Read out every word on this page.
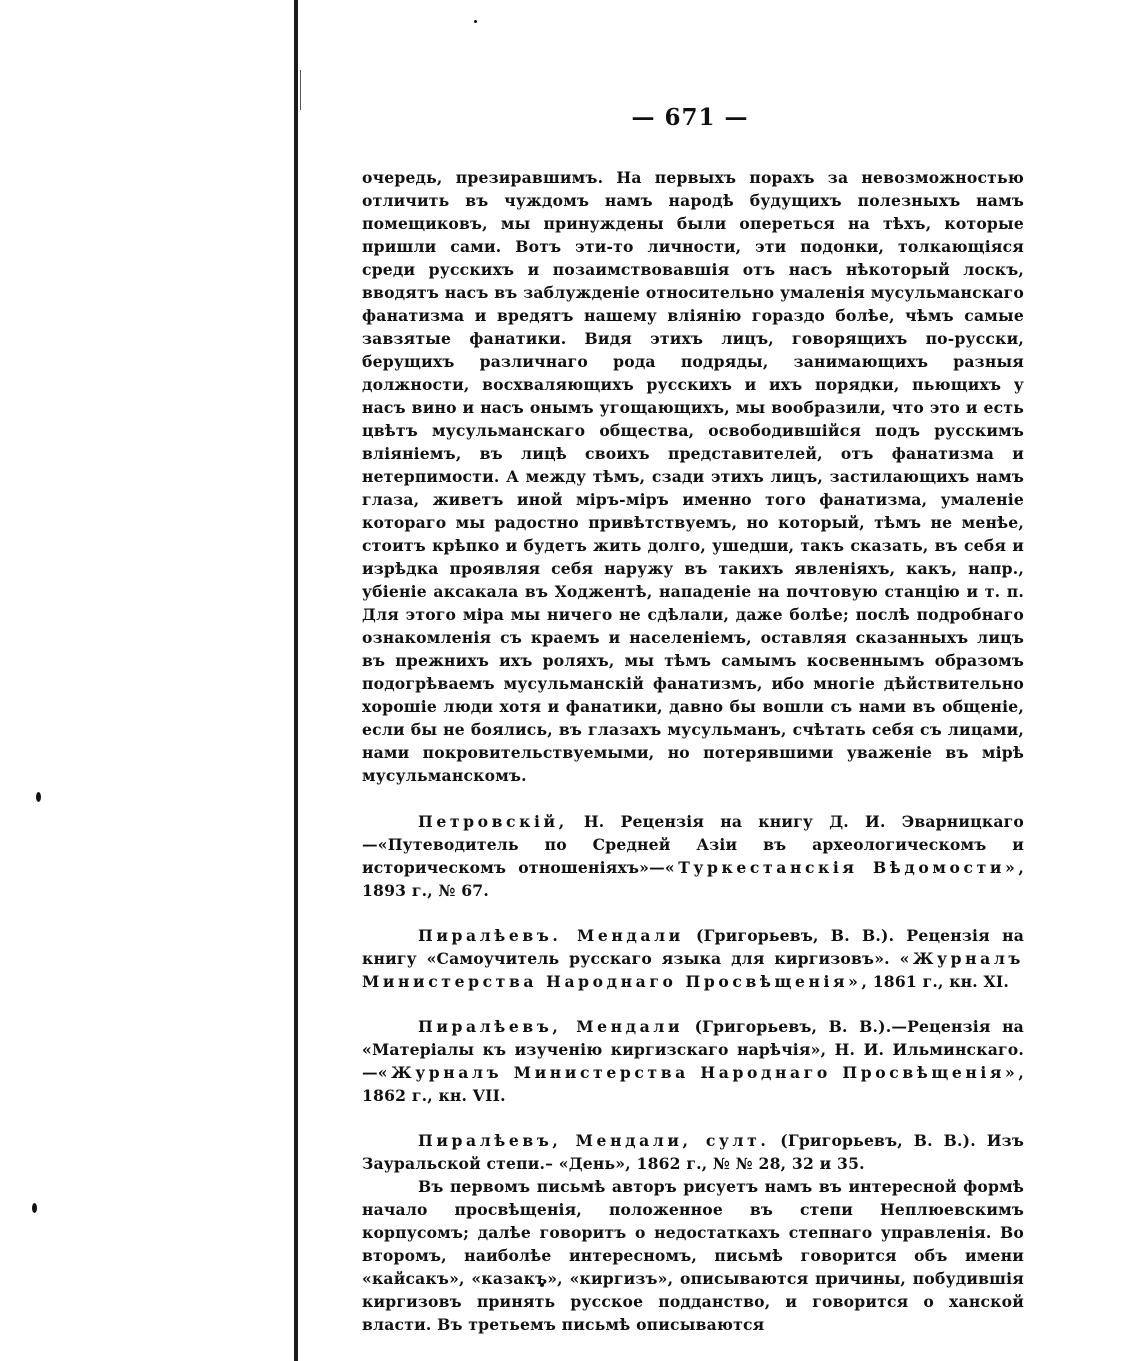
— 671 —

очередь, презиравшимъ. На первыхъ порахъ за невозможностью отличить въ чуждомъ намъ народѣ будущихъ полезныхъ намъ помещиковъ, мы принуждены были опереться на тѣхъ, которые пришли сами. Вотъ эти-то личности, эти подонки, толкающіяся среди русскихъ и позаимствовавшія отъ насъ нѣкоторый лоскъ, вводятъ насъ въ заблужденіе относительно умаленія мусульманскаго фанатизма и вредятъ нашему вліянію гораздо болѣе, чѣмъ самые завзятые фанатики. Видя этихъ лицъ, говорящихъ по-русски, берущихъ различнаго рода подряды, занимающихъ разныя должности, восхваляющихъ русскихъ и ихъ порядки, пьющихъ у насъ вино и насъ онымъ угощающихъ, мы вообразили, что это и есть цвѣтъ мусульманскаго общества, освободившійся подъ русскимъ вліяніемъ, въ лицѣ своихъ представителей, отъ фанатизма и нетерпимости. А между тѣмъ, сзади этихъ лицъ, застилающихъ намъ глаза, живетъ иной міръ-міръ именно того фанатизма, умаленіе котораго мы радостно привѣтствуемъ, но который, тѣмъ не менѣе, стоитъ крѣпко и будетъ жить долго, ушедши, такъ сказать, въ себя и изрѣдка проявляя себя наружу въ такихъ явленіяхъ, какъ, напр., убіеніе аксакала въ Ходжентѣ, нападеніе на почтовую станцію и т. п. Для этого міра мы ничего не сдѣлали, даже болѣе; послѣ подробнаго ознакомленія съ краемъ и населеніемъ, оставляя сказанныхъ лицъ въ прежнихъ ихъ роляхъ, мы тѣмъ самымъ косвеннымъ образомъ подогрѣваемъ мусульманскій фанатизмъ, ибо многіе дѣйствительно хорошіе люди хотя и фанатики, давно бы вошли съ нами въ общеніе, если бы не боялись, въ глазахъ мусульманъ, счѣтать себя съ лицами, нами покровительствуемыми, но потерявшими уваженіе въ мірѣ мусульманскомъ.

Петровскій, Н. Рецензія на книгу Д. И. Эварницкаго—«Путеводитель по Средней Азіи въ археологическомъ и историческомъ отношеніяхъ»—«Туркестанскія Вѣдомости», 1893 г., № 67.

Пиралѣевъ. Мендали (Григорьевъ, В. В.). Рецензія на книгу «Самоучитель русскаго языка для киргизовъ». «Журналъ Министерства Народнаго Просвѣщенія», 1861 г., кн. XI.

Пиралѣевъ, Мендали (Григорьевъ, В. В.).—Рецензія на «Матеріалы къ изученію киргизскаго нарѣчія», Н. И. Ильминскаго.—«Журналъ Министерства Народнаго Просвѣщенія», 1862 г., кн. VII.

Пиралѣевъ, Мендали, султ. (Григорьевъ, В. В.). Изъ Зауральской степи.– «День», 1862 г., № № 28, 32 и 35.

Въ первомъ письмѣ авторъ рисуетъ намъ въ интересной формѣ начало просвѣщенія, положенное въ степи Неплюевскимъ корпусомъ; далѣе говоритъ о недостаткахъ степнаго управленія. Во второмъ, наиболѣе интересномъ, письмѣ говорится объ имени «кайсакъ», «казакъ», «киргизъ», описываются причины, побудившія киргизовъ принять русское подданство, и говорится о ханской власти. Въ третьемъ письмѣ описываются
